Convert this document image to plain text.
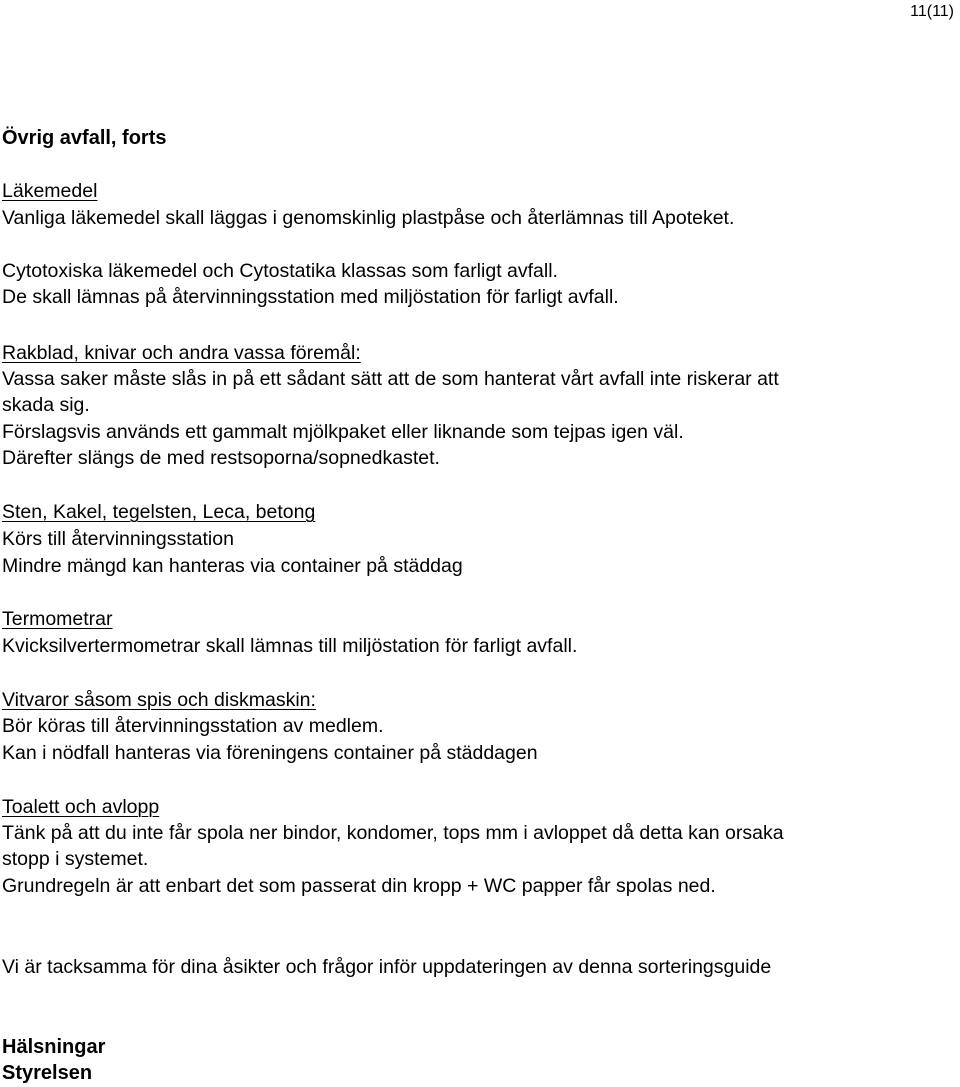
11(11)
Övrig avfall, forts
Läkemedel
Vanliga läkemedel skall läggas i genomskinlig plastpåse och återlämnas till Apoteket.
Cytotoxiska läkemedel och Cytostatika klassas som farligt avfall.
De skall lämnas på återvinningsstation med miljöstation för farligt avfall.
Rakblad, knivar och andra vassa föremål:
Vassa saker måste slås in på ett sådant sätt att de som hanterat vårt avfall inte riskerar att
skada sig.
Förslagsvis används ett gammalt mjölkpaket eller liknande som tejpas igen väl.
Därefter slängs de med restsoporna/sopnedkastet.
Sten, Kakel, tegelsten, Leca, betong
Körs till återvinningsstation
Mindre mängd kan hanteras via container på städdag
Termometrar
Kvicksilvertermometrar skall lämnas till miljöstation för farligt avfall.
Vitvaror såsom spis och diskmaskin:
Bör köras till återvinningsstation av medlem.
Kan i nödfall hanteras via föreningens container på städdagen
Toalett och avlopp
Tänk på att du inte får spola ner bindor, kondomer, tops mm i avloppet då detta kan orsaka
stopp i systemet.
Grundregeln är att enbart det som passerat din kropp + WC papper får spolas ned.
Vi är tacksamma för dina åsikter och frågor inför uppdateringen av denna sorteringsguide
Hälsningar
Styrelsen
